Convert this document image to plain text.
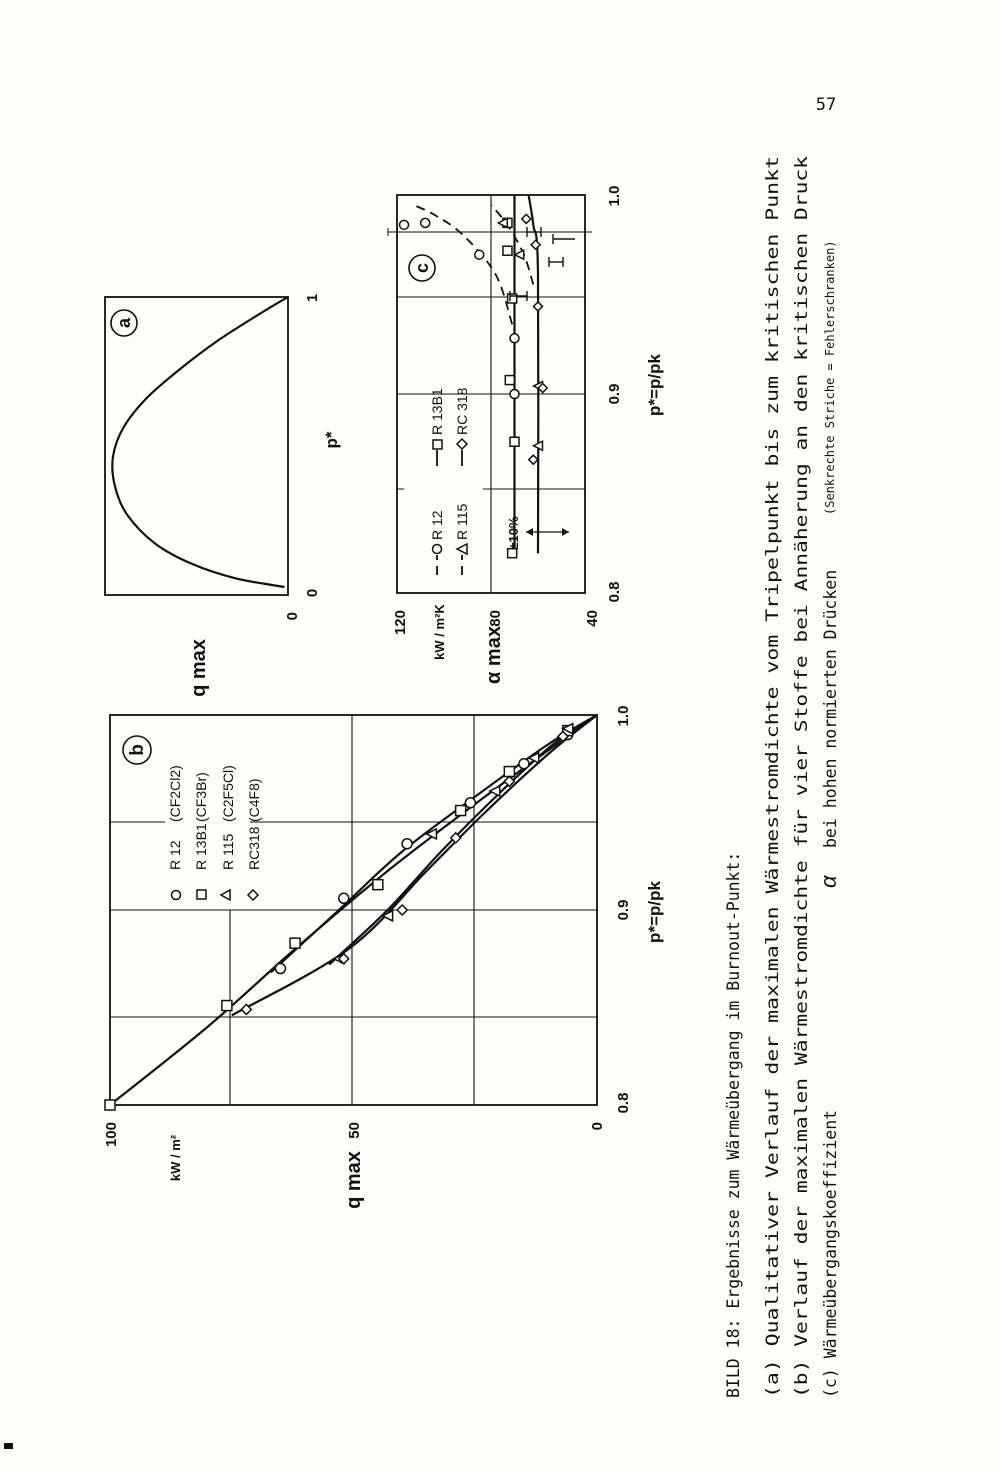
57
R 12
(CF2Cl2)
R 13B1
(CF3Br)
R 115
(C2F5Cl)
RC318
(C4F8)
b
100	50	0
0.8
0.9
1.0
p*=p/pk
q max
kW / m²
a
0
0
1
p*
q max
±10%
R 12 R 115
R 13B1 RC 318
c
120	80	40
0.8
0.9
1.0
p*=p/pk
α max
kW / m²K
BILD 18: Ergebnisse zum Wärmeübergang im Burnout-Punkt: (a) Qualitativer Verlauf der maximalen Wärmestromdichte vom Tripelpunkt bis zum kritischen Punkt (b) Verlauf der maximalen Wärmestromdichte für vier Stoffe bei Annäherung an den kritischen Druck (c) Wärmeübergangskoeffizient
α
bei hohen normierten Drücken
(Senkrechte Striche = Fehlerschranken)
